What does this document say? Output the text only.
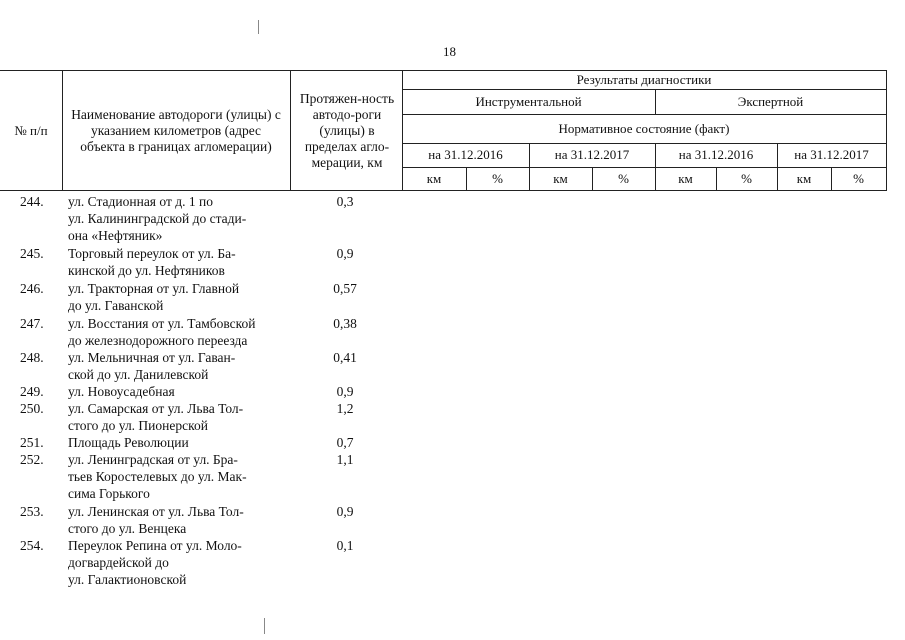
18
№ п/п
Наименование автодороги (улицы) с указанием километров (адрес объекта в границах агломерации)
Протяжен-ность автодо-роги (улицы) в пределах агло-мерации, км
Результаты диагностики
Инструментальной	Экспертной
Нормативное состояние (факт)
на 31.12.2016	на 31.12.2017	на 31.12.2016	на 31.12.2017
км	%	км	%	км	%	км	%
244.	ул. Стадионная от д. 1 по
ул. Калининградской до стади-
она «Нефтяник»
0,3
245.	Торговый переулок от ул. Ба-
кинской до ул. Нефтяников
0,9
246.	ул. Тракторная от ул. Главной
до ул. Гаванской
0,57
247.	ул. Восстания от ул. Тамбовской
до железнодорожного переезда
0,38
248.	ул. Мельничная от ул. Гаван-
ской до ул. Данилевской
0,41
249.	ул. Новоусадебная	0,9
250.	ул. Самарская от ул. Льва Тол-
стого до ул. Пионерской
1,2
251.	Площадь Революции	0,7
252.	ул. Ленинградская от ул. Бра-
тьев Коростелевых до ул. Мак-
сима Горького
1,1
253.	ул. Ленинская от ул. Льва Тол-
стого до ул. Венцека
0,9
254.	Переулок Репина от ул. Моло-
догвардейской до
ул. Галактионовской
0,1
